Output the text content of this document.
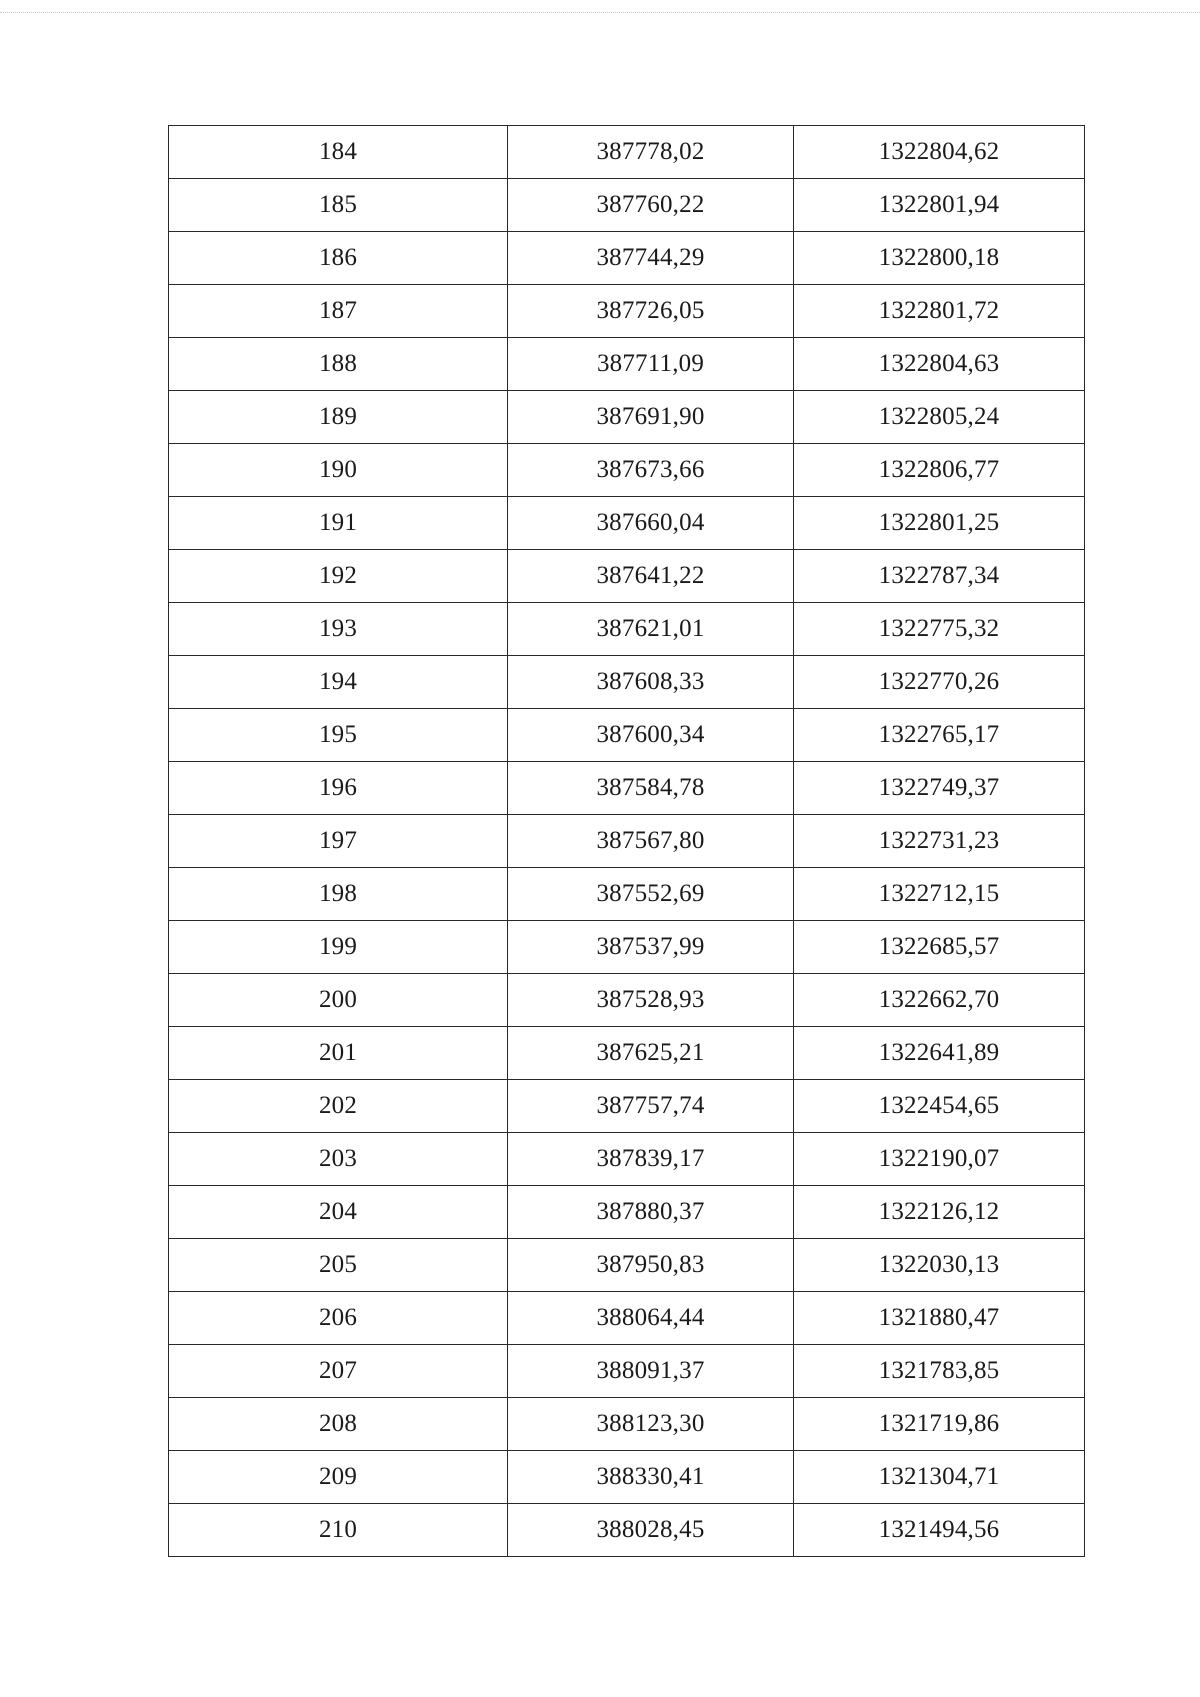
184	387778,02	1322804,62
185	387760,22	1322801,94
186	387744,29	1322800,18
187	387726,05	1322801,72
188	387711,09	1322804,63
189	387691,90	1322805,24
190	387673,66	1322806,77
191	387660,04	1322801,25
192	387641,22	1322787,34
193	387621,01	1322775,32
194	387608,33	1322770,26
195	387600,34	1322765,17
196	387584,78	1322749,37
197	387567,80	1322731,23
198	387552,69	1322712,15
199	387537,99	1322685,57
200	387528,93	1322662,70
201	387625,21	1322641,89
202	387757,74	1322454,65
203	387839,17	1322190,07
204	387880,37	1322126,12
205	387950,83	1322030,13
206	388064,44	1321880,47
207	388091,37	1321783,85
208	388123,30	1321719,86
209	388330,41	1321304,71
210	388028,45	1321494,56
